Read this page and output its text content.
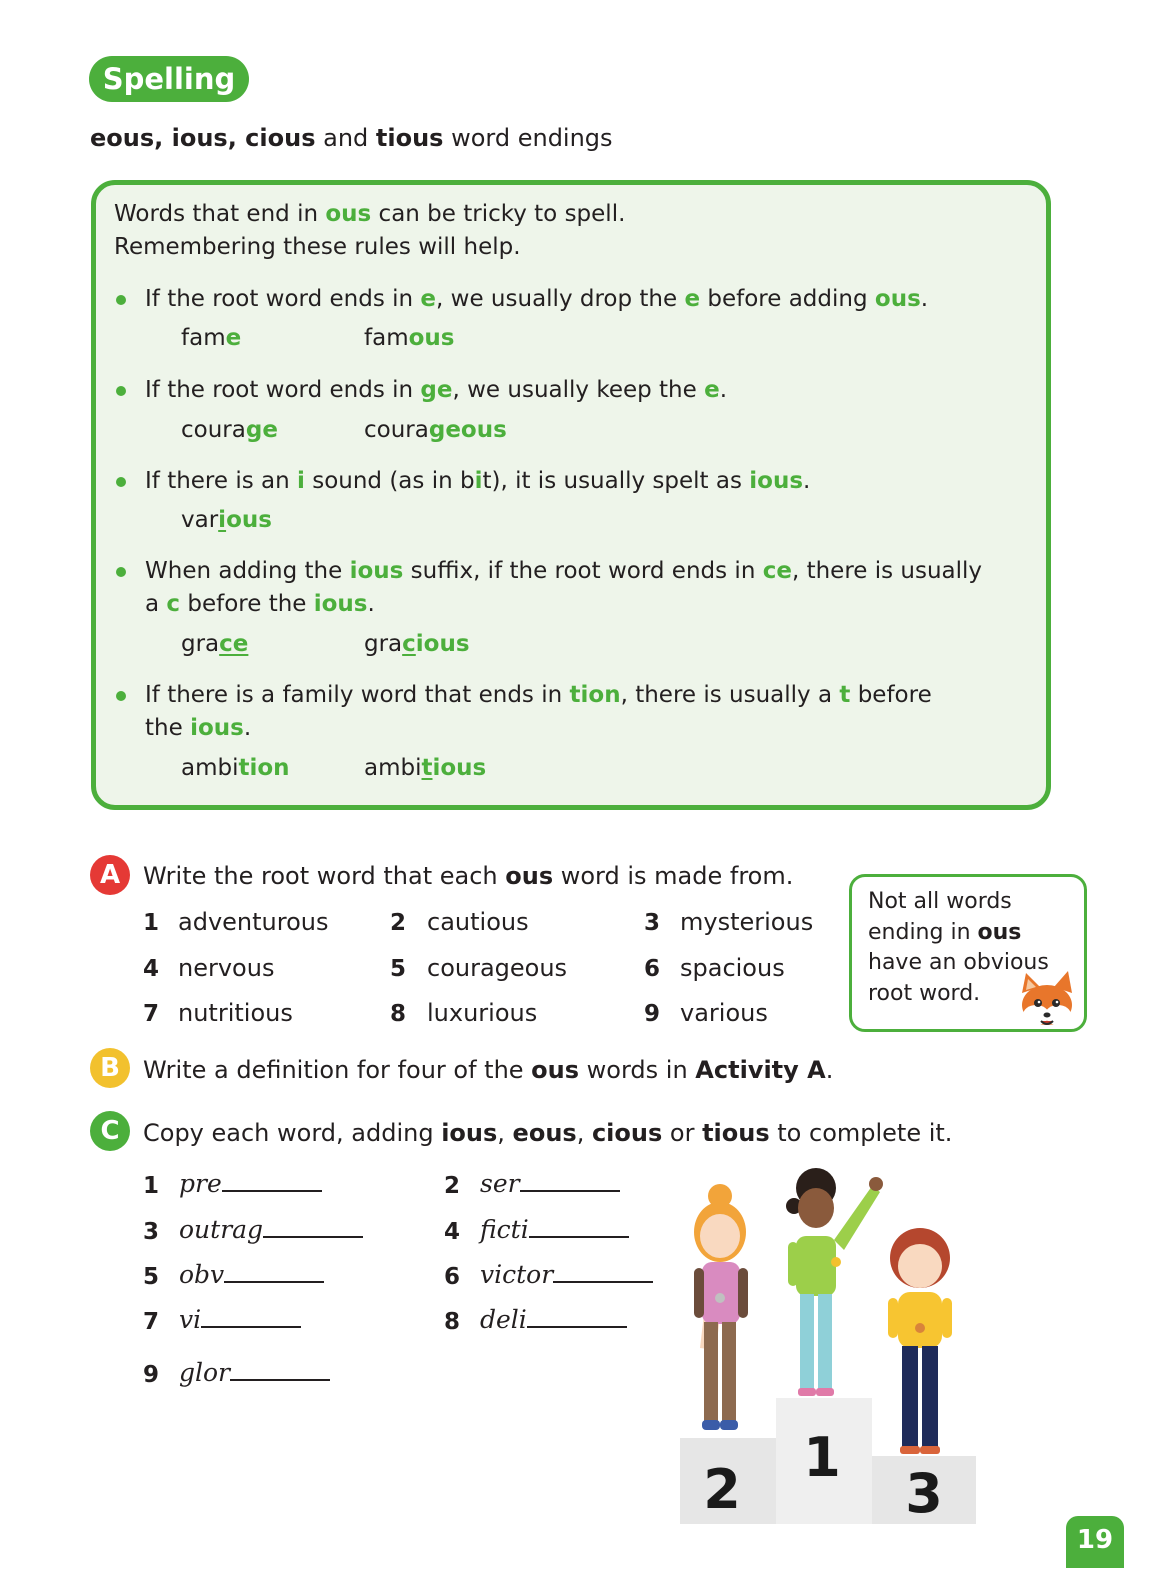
Spelling
eous, ious, cious and tious word endings
Words that end in ous can be tricky to spell.
Remembering these rules will help.
If the root word ends in e, we usually drop the e before adding ous.
fame	famous
If the root word ends in ge, we usually keep the e.
courage	courageous
If there is an i sound (as in bit), it is usually spelt as ious.
various
When adding the ious suffix, if the root word ends in ce, there is usually
a c before the ious.
grace	gracious
If there is a family word that ends in tion, there is usually a t before
the ious.
ambition	ambitious
A Write the root word that each ous word is made from.
1 adventurous	2 cautious	3 mysterious
4 nervous	5 courageous	6 spacious
7 nutritious	8 luxurious	9 various
Not all words
ending in ous
have an obvious
root word.
B Write a definition for four of the ous words in Activity A.
C Copy each word, adding ious, eous, cious or tious to complete it.
1 pre	2 ser
3 outrag	4 ficti
5 obv	6 victor
7 vi	8 deli
9 glor
2
1
3
19
